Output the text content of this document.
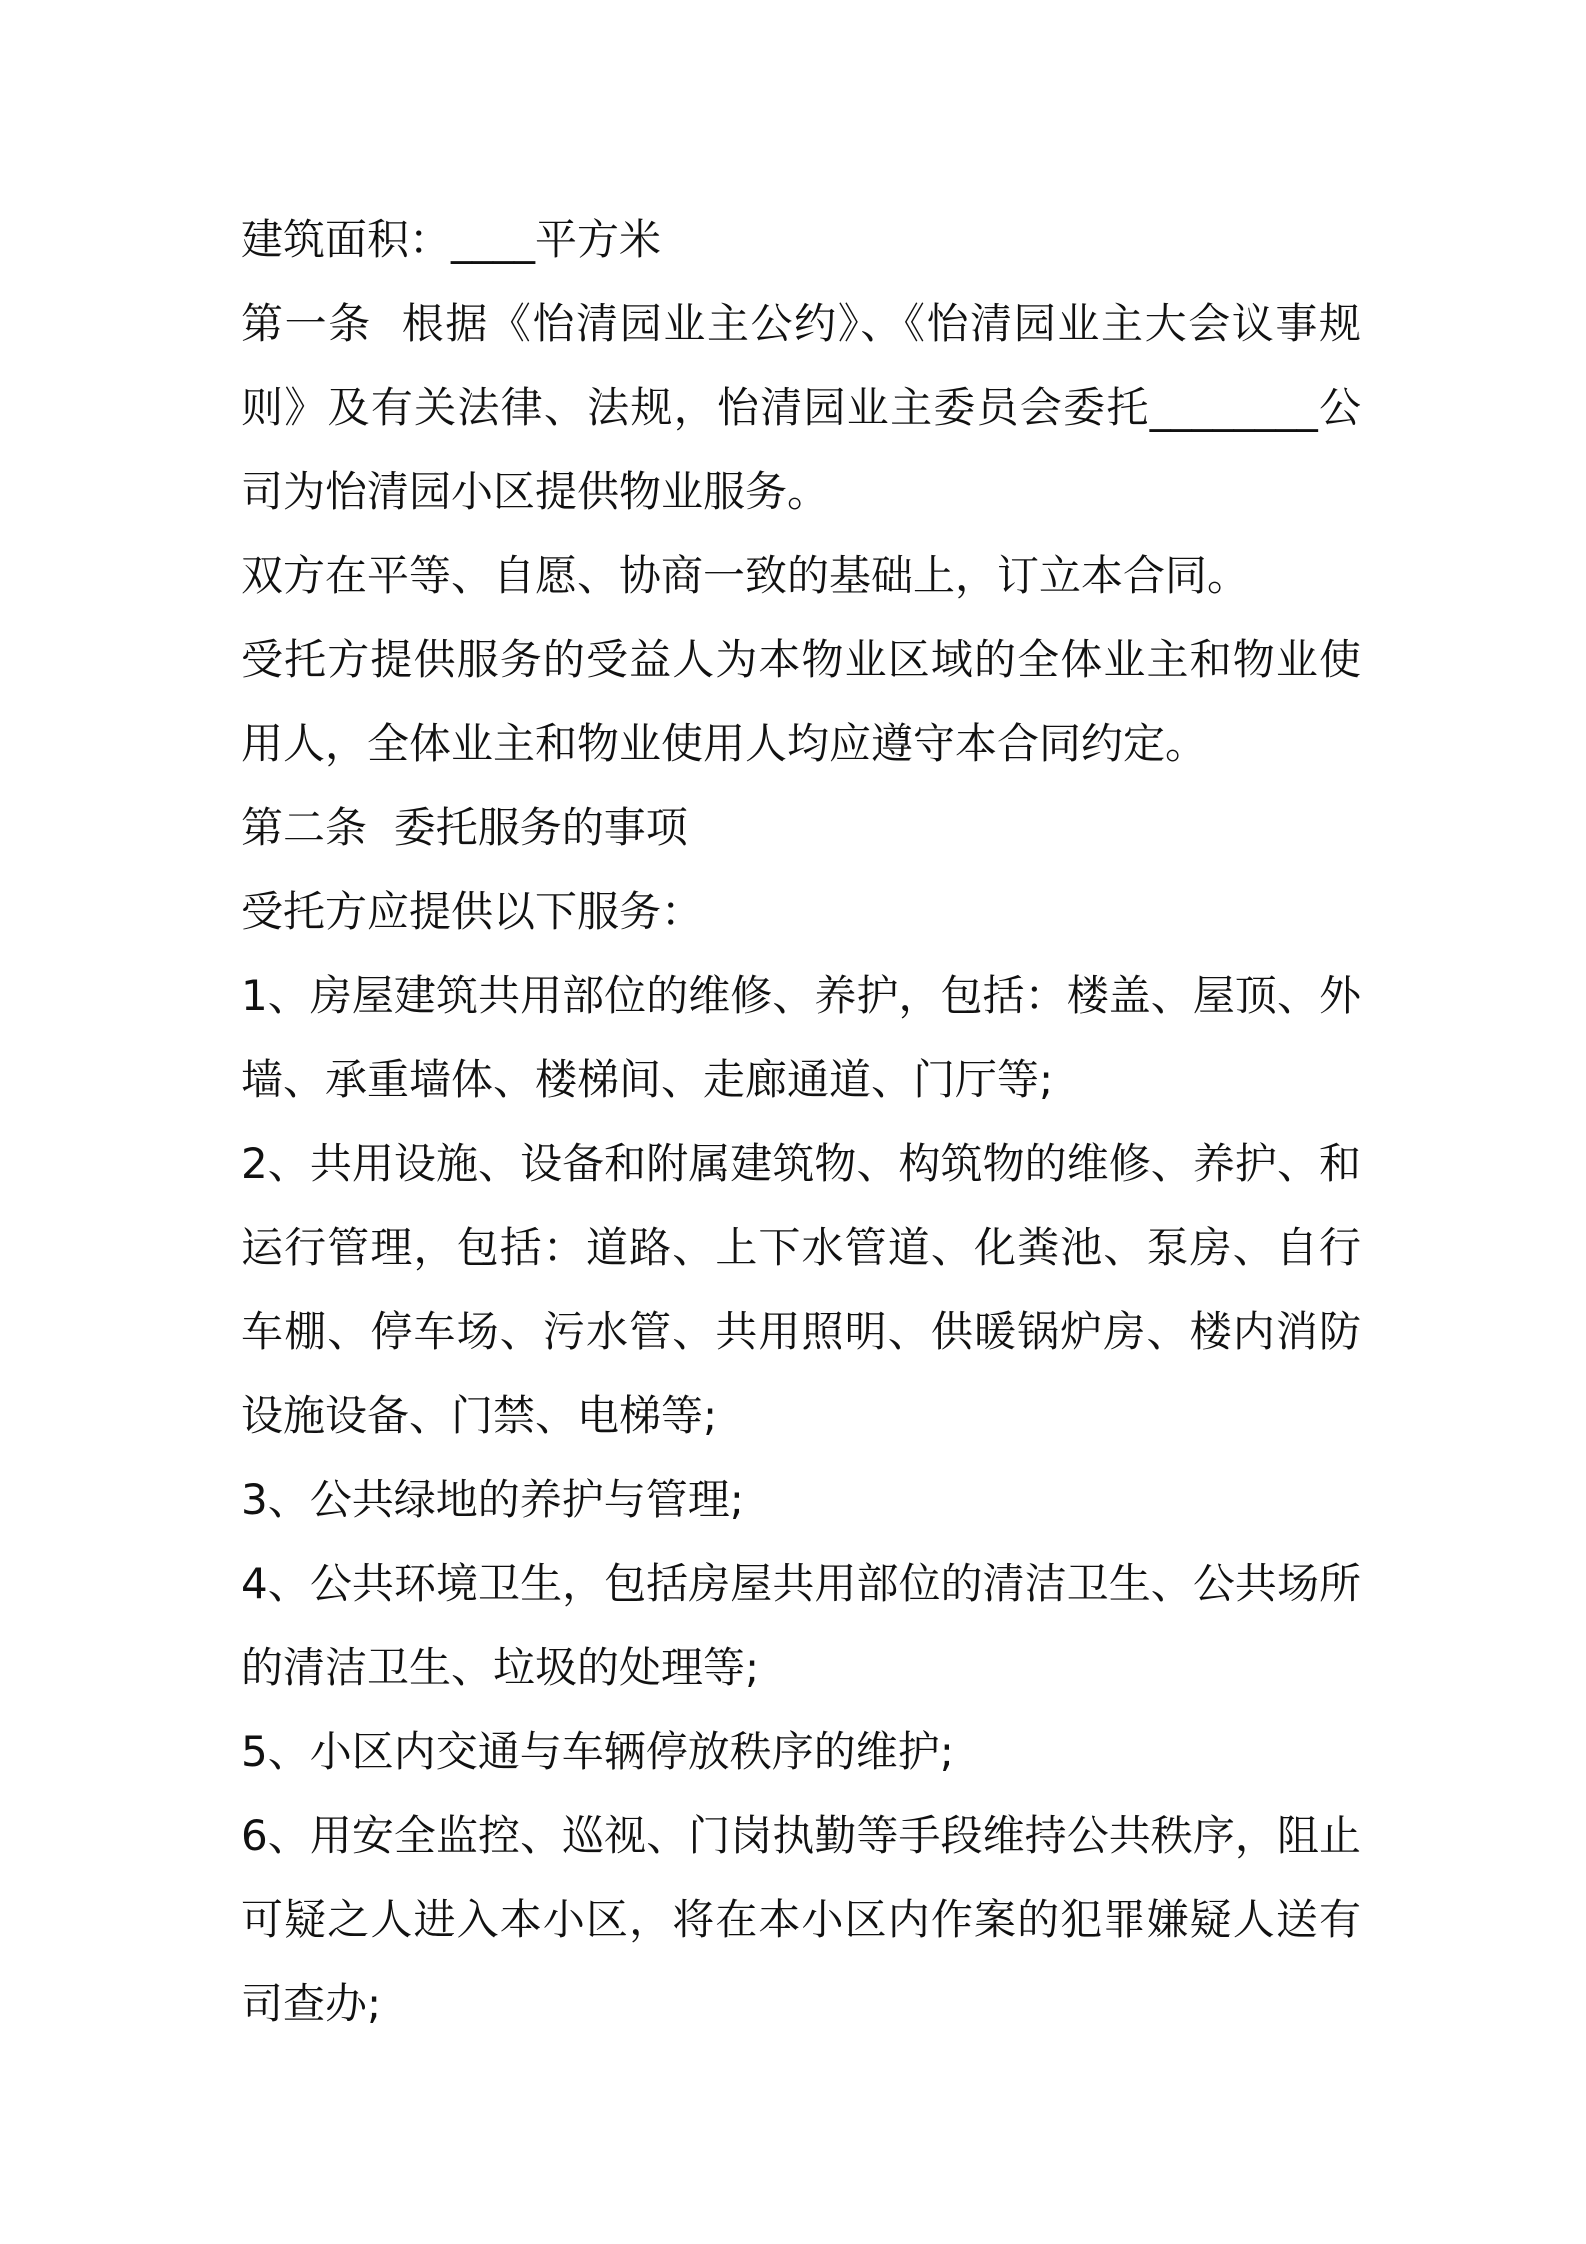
建筑面积：____平方米

第一条  根据《怡清园业主公约》、《怡清园业主大会议事规则》及有关法律、法规，怡清园业主委员会委托________公司为怡清园小区提供物业服务。

双方在平等、自愿、协商一致的基础上，订立本合同。

受托方提供服务的受益人为本物业区域的全体业主和物业使用人，全体业主和物业使用人均应遵守本合同约定。

第二条  委托服务的事项

受托方应提供以下服务：

1、房屋建筑共用部位的维修、养护，包括：楼盖、屋顶、外墙、承重墙体、楼梯间、走廊通道、门厅等;

2、共用设施、设备和附属建筑物、构筑物的维修、养护、和运行管理，包括：道路、上下水管道、化粪池、泵房、自行车棚、停车场、污水管、共用照明、供暖锅炉房、楼内消防设施设备、门禁、电梯等;

3、公共绿地的养护与管理;

4、公共环境卫生，包括房屋共用部位的清洁卫生、公共场所的清洁卫生、垃圾的处理等;

5、小区内交通与车辆停放秩序的维护;

6、用安全监控、巡视、门岗执勤等手段维持公共秩序，阻止可疑之人进入本小区，将在本小区内作案的犯罪嫌疑人送有司查办;
